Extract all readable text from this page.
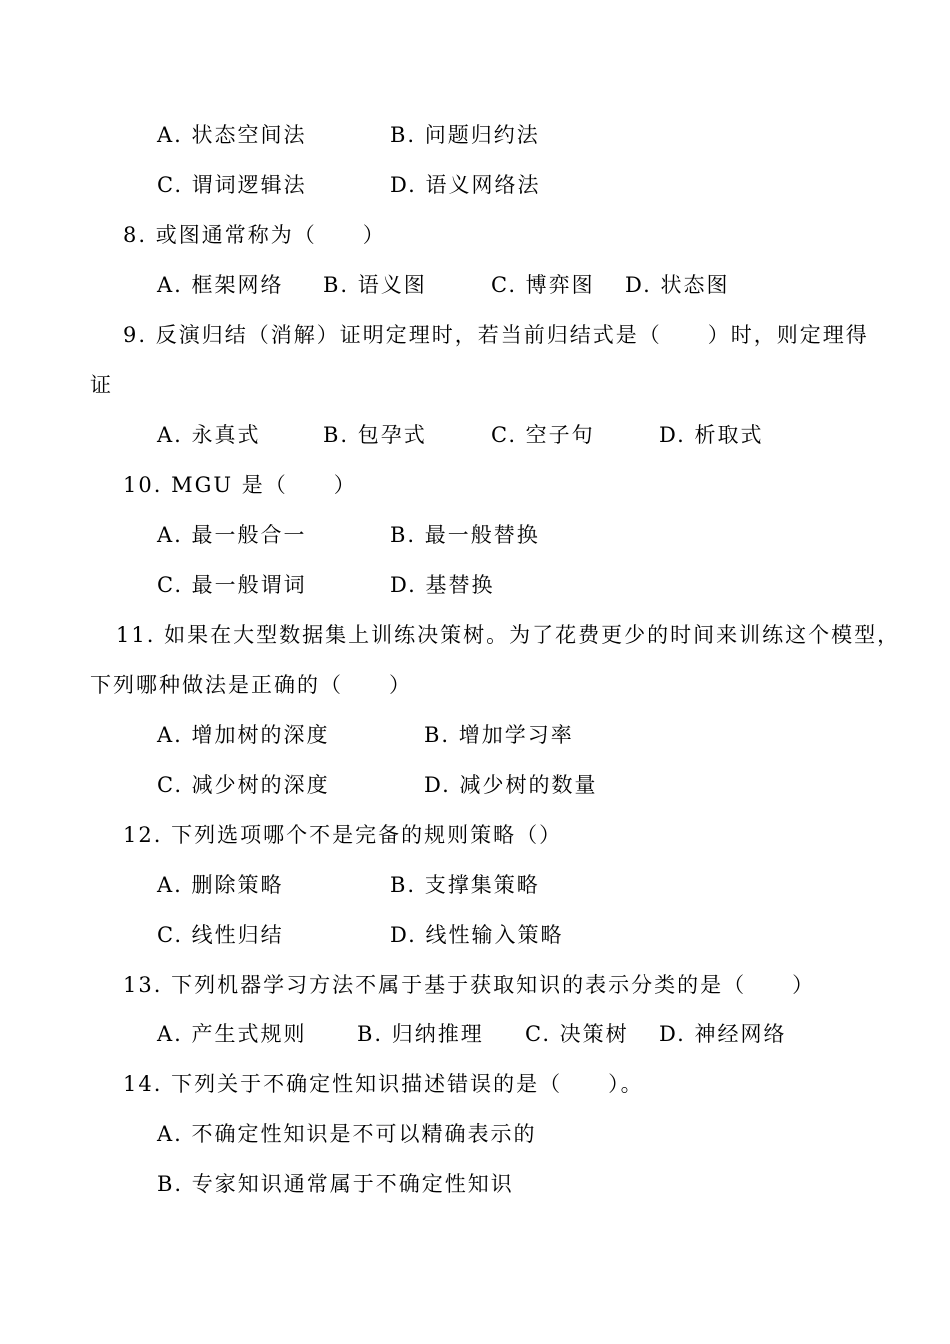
A. 状态空间法	B. 问题归约法
C. 谓词逻辑法	D. 语义网络法
8. 或图通常称为（　　）
A. 框架网络 B. 语义图	C. 博弈图 D. 状态图
9. 反演归结（消解）证明定理时，若当前归结式是（　　）时，则定理得
证
A. 永真式	B. 包孕式	C. 空子句	D. 析取式
10. MGU 是（　　）
A. 最一般合一	B. 最一般替换
C. 最一般谓词	D. 基替换
11. 如果在大型数据集上训练决策树。为了花费更少的时间来训练这个模型，
下列哪种做法是正确的（　　）
A. 增加树的深度	B. 增加学习率
C. 减少树的深度	D. 减少树的数量
12. 下列选项哪个不是完备的规则策略（）
A. 删除策略	B. 支撑集策略
C. 线性归结	D. 线性输入策略
13. 下列机器学习方法不属于基于获取知识的表示分类的是（　　）
A. 产生式规则 B. 归纳推理 C. 决策树 D. 神经网络
14. 下列关于不确定性知识描述错误的是（　　）。
A. 不确定性知识是不可以精确表示的
B. 专家知识通常属于不确定性知识
